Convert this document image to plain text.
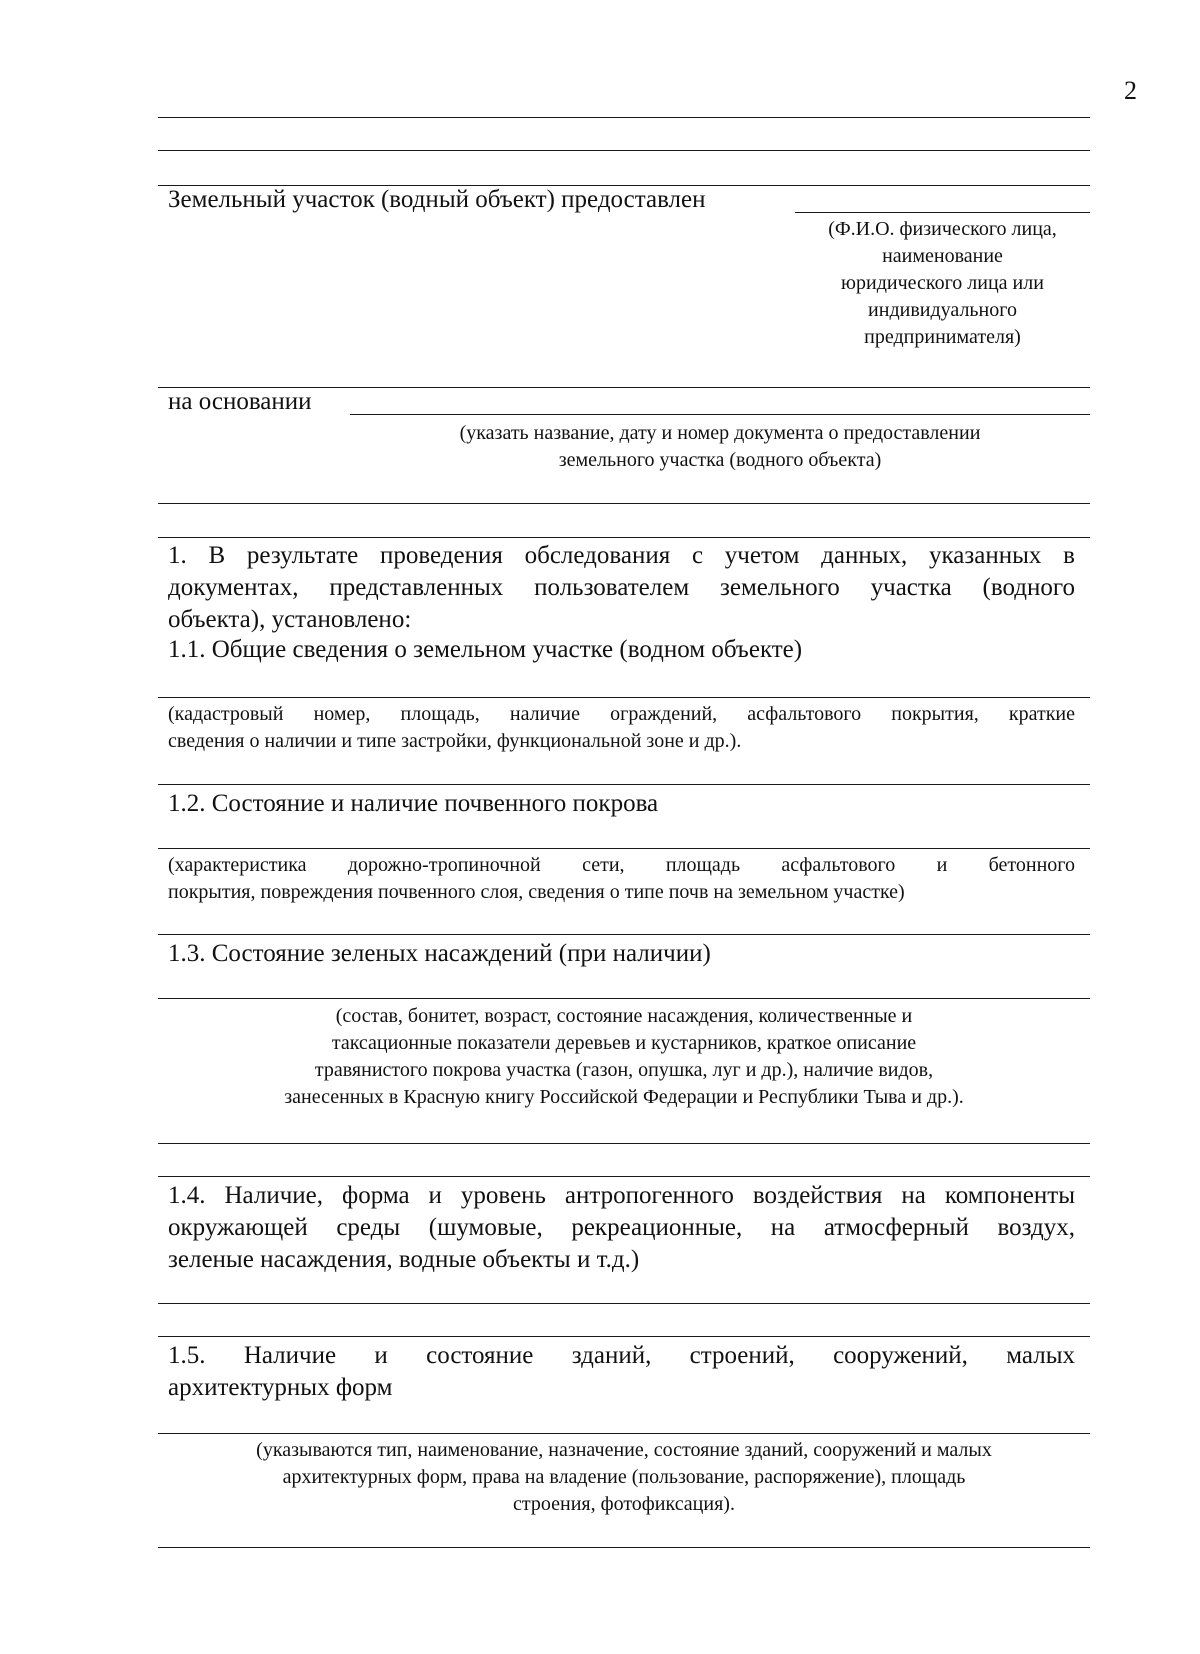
2
Земельный участок (водный объект) предоставлен
(Ф.И.О. физического лица,
наименование
юридического лица или
индивидуального
предпринимателя)
на основании
(указать название, дату и номер документа о предоставлении
земельного участка (водного объекта)
1. В результате проведения обследования с учетом данных, указанных в
документах, представленных пользователем земельного участка (водного
объекта), установлено:
1.1. Общие сведения о земельном участке (водном объекте)
(кадастровый номер, площадь, наличие ограждений, асфальтового покрытия, краткие
сведения о наличии и типе застройки, функциональной зоне и др.).
1.2. Состояние и наличие почвенного покрова
(характеристика дорожно-тропиночной сети, площадь асфальтового и бетонного
покрытия, повреждения почвенного слоя, сведения о типе почв на земельном участке)
1.3. Состояние зеленых насаждений (при наличии)
(состав, бонитет, возраст, состояние насаждения, количественные и
таксационные показатели деревьев и кустарников, краткое описание
травянистого покрова участка (газон, опушка, луг и др.), наличие видов,
занесенных в Красную книгу Российской Федерации и Республики Тыва и др.).
1.4. Наличие, форма и уровень антропогенного воздействия на компоненты
окружающей среды (шумовые, рекреационные, на атмосферный воздух,
зеленые насаждения, водные объекты и т.д.)
1.5. Наличие и состояние зданий, строений, сооружений, малых
архитектурных форм
(указываются тип, наименование, назначение, состояние зданий, сооружений и малых
архитектурных форм, права на владение (пользование, распоряжение), площадь
строения, фотофиксация).
